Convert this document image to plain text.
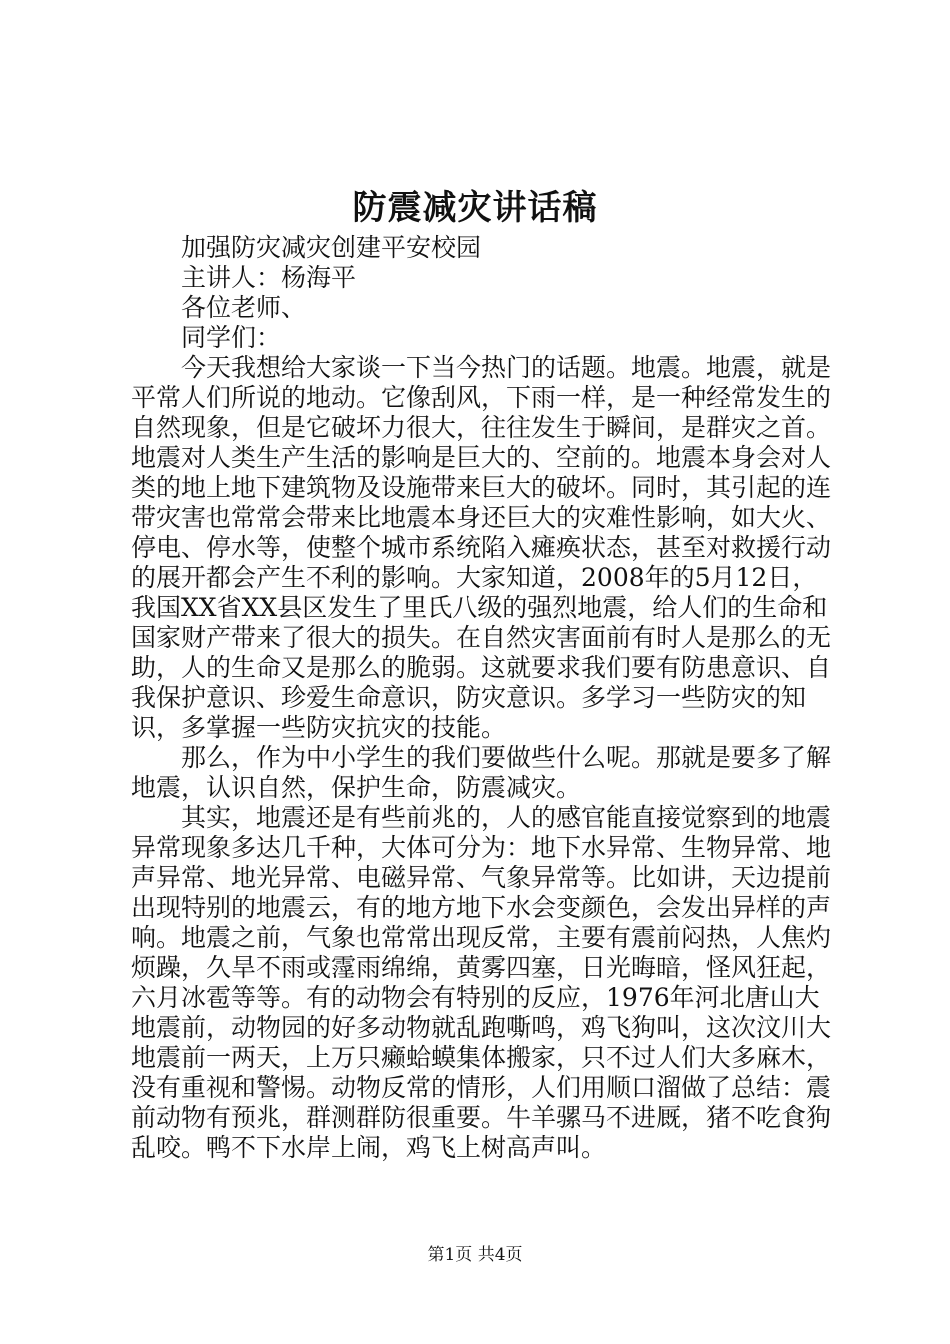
防震减灾讲话稿

加强防灾减灾创建平安校园

主讲人：杨海平

各位老师、

同学们：

今天我想给大家谈一下当今热门的话题。地震。地震，就是平常人们所说的地动。它像刮风，下雨一样，是一种经常发生的自然现象，但是它破坏力很大，往往发生于瞬间，是群灾之首。地震对人类生产生活的影响是巨大的、空前的。地震本身会对人类的地上地下建筑物及设施带来巨大的破坏。同时，其引起的连带灾害也常常会带来比地震本身还巨大的灾难性影响，如大火、停电、停水等，使整个城市系统陷入瘫痪状态，甚至对救援行动的展开都会产生不利的影响。大家知道，2008年的5月12日，我国XX省XX县区发生了里氏八级的强烈地震，给人们的生命和国家财产带来了很大的损失。在自然灾害面前有时人是那么的无助，人的生命又是那么的脆弱。这就要求我们要有防患意识、自我保护意识、珍爱生命意识，防灾意识。多学习一些防灾的知识，多掌握一些防灾抗灾的技能。

那么，作为中小学生的我们要做些什么呢。那就是要多了解地震，认识自然，保护生命，防震减灾。

其实，地震还是有些前兆的，人的感官能直接觉察到的地震异常现象多达几千种，大体可分为：地下水异常、生物异常、地声异常、地光异常、电磁异常、气象异常等。比如讲，天边提前出现特别的地震云，有的地方地下水会变颜色，会发出异样的声响。地震之前，气象也常常出现反常，主要有震前闷热，人焦灼烦躁，久旱不雨或霪雨绵绵，黄雾四塞，日光晦暗，怪风狂起，六月冰雹等等。有的动物会有特别的反应，1976年河北唐山大地震前，动物园的好多动物就乱跑嘶鸣，鸡飞狗叫，这次汶川大地震前一两天，上万只癞蛤蟆集体搬家，只不过人们大多麻木，没有重视和警惕。动物反常的情形，人们用顺口溜做了总结：震前动物有预兆，群测群防很重要。牛羊骡马不进厩，猪不吃食狗乱咬。鸭不下水岸上闹，鸡飞上树高声叫。

第1页 共4页
